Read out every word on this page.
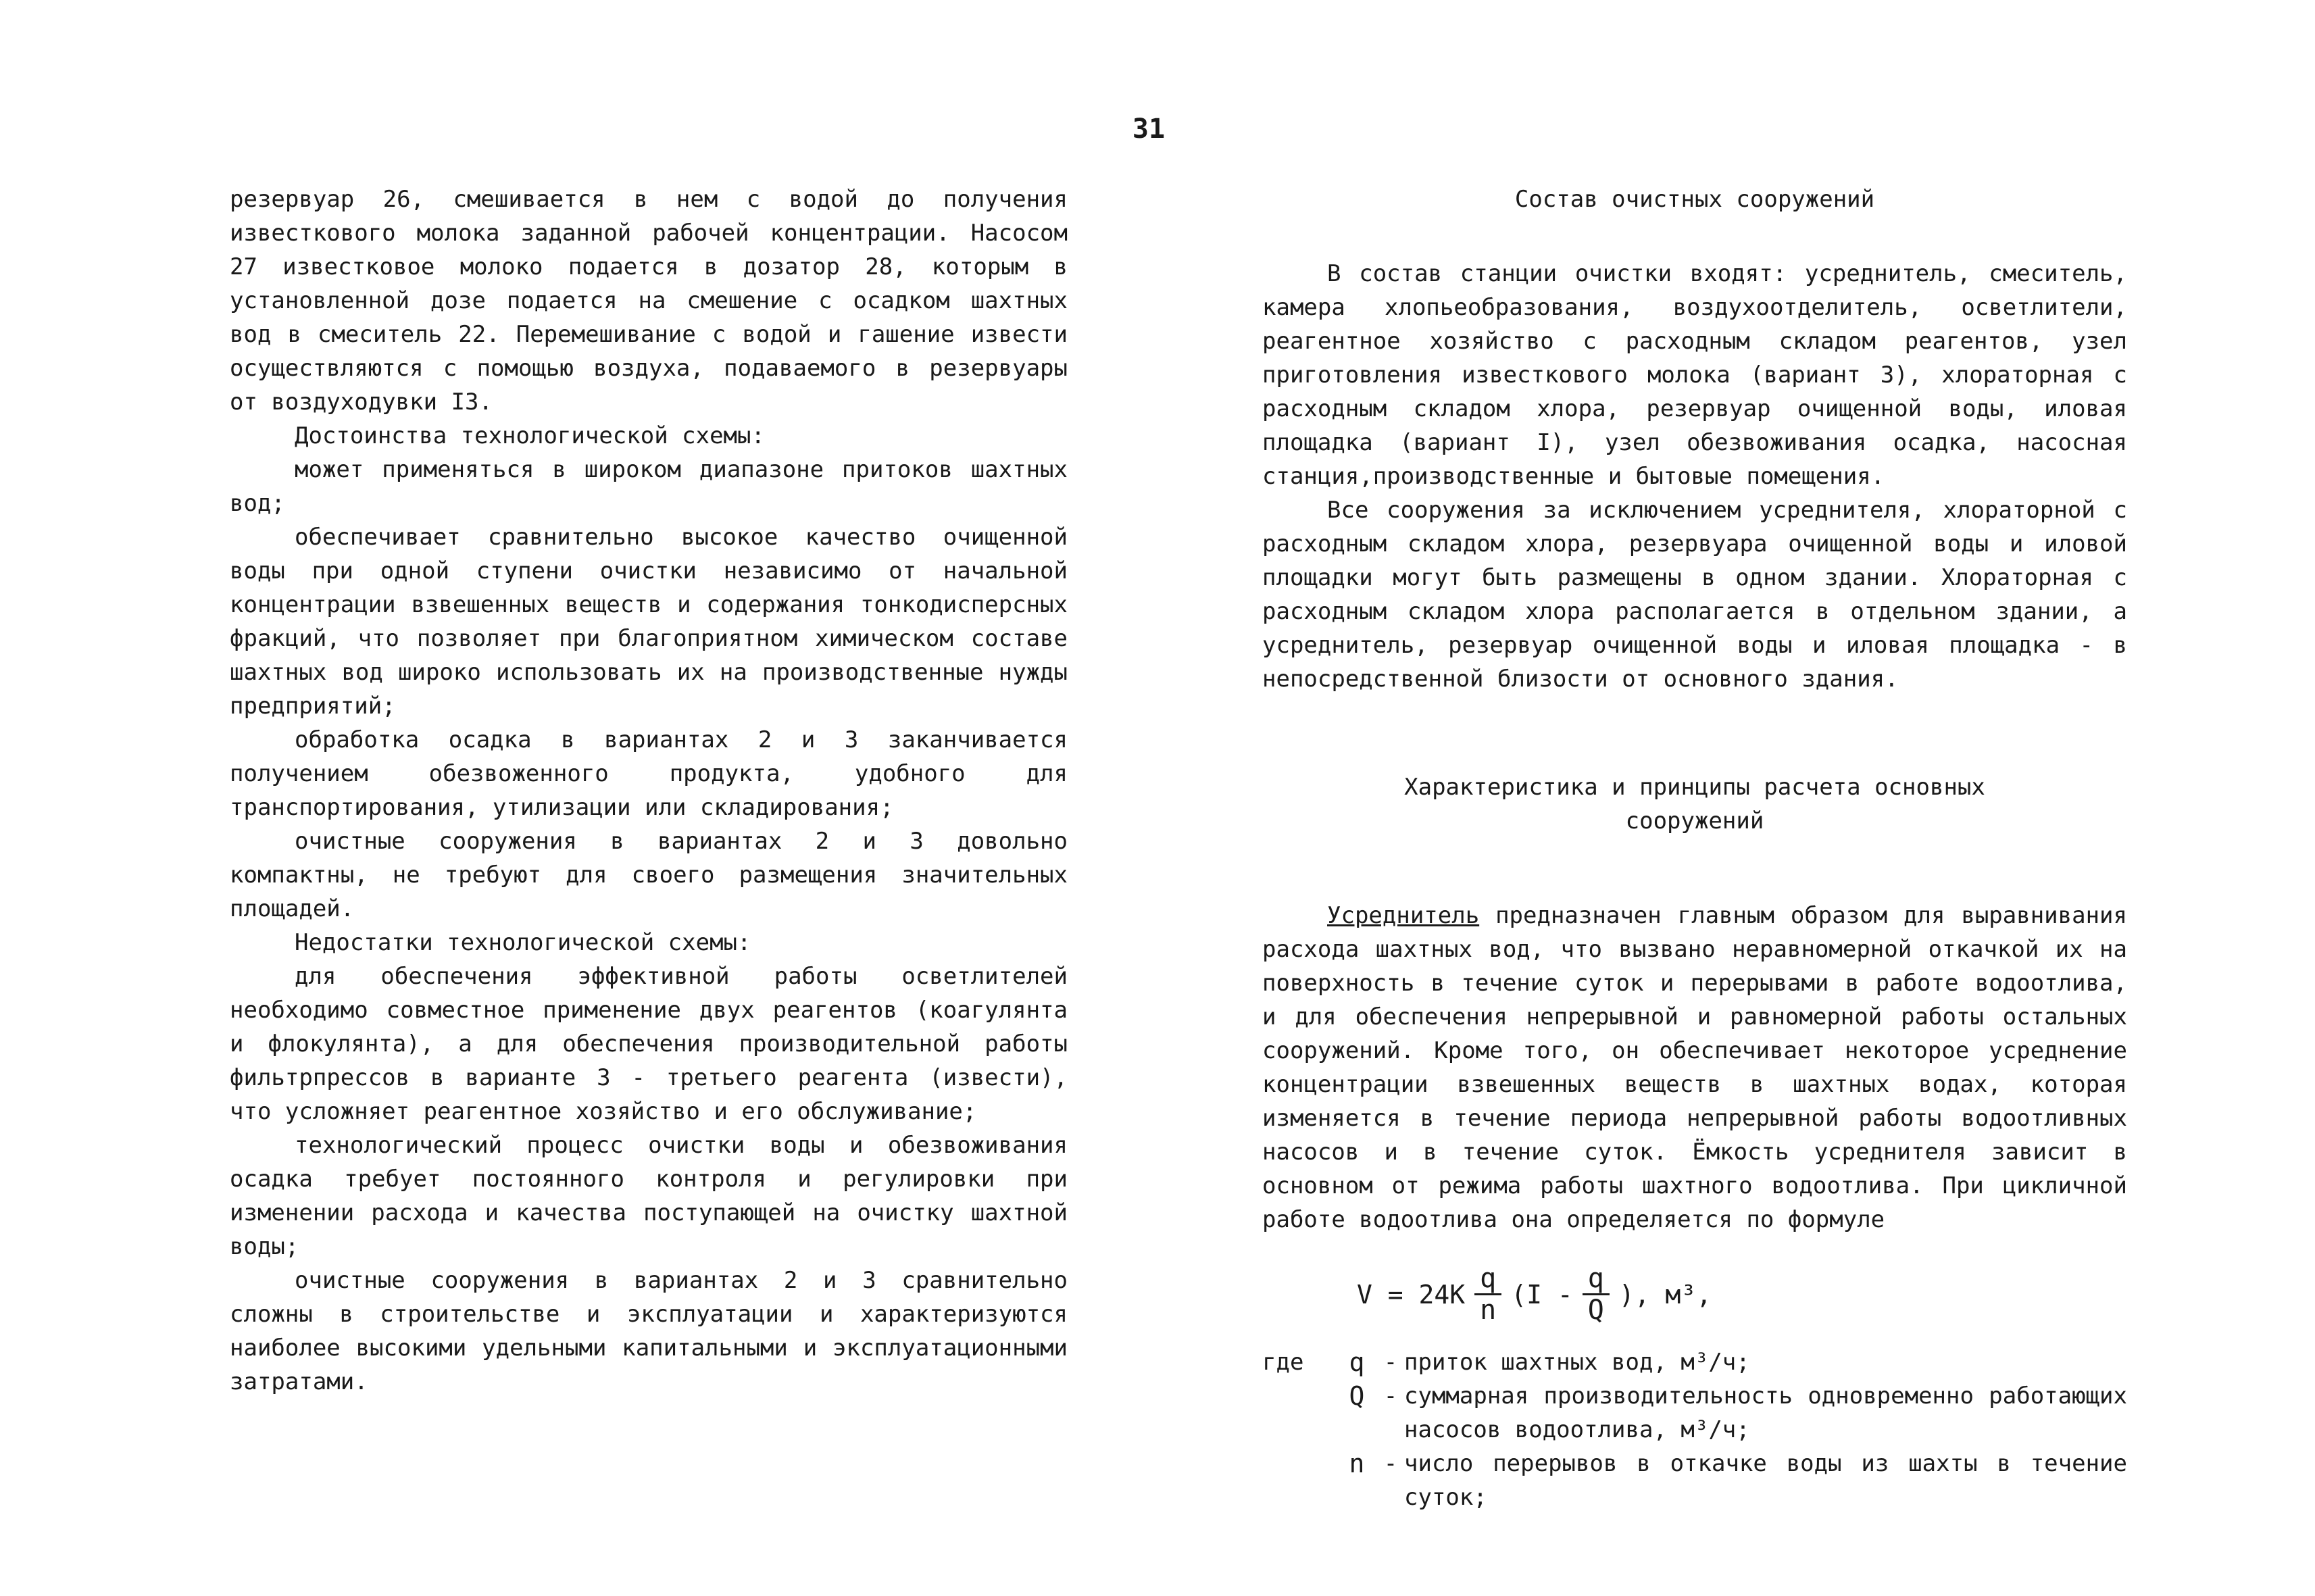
31

резервуар 26, смешивается в нем с водой до получения известкового молока заданной рабочей концентрации. Насосом 27 известковое молоко подается в дозатор 28, которым в установленной дозе подается на смешение с осадком шахтных вод в смеситель 22. Перемешивание с водой и гашение извести осуществляются с помощью воздуха, подаваемого в резервуары от воздуходувки I3.

Достоинства технологической схемы:

может применяться в широком диапазоне притоков шахтных вод;

обеспечивает сравнительно высокое качество очищенной воды при одной ступени очистки независимо от начальной концентрации взвешенных веществ и содержания тонкодисперсных фракций, что позволяет при благоприятном химическом составе шахтных вод широко использовать их на производственные нужды предприятий;

обработка осадка в вариантах 2 и 3 заканчивается получением обезвоженного продукта, удобного для транспортирования, утилизации или складирования;

очистные сооружения в вариантах 2 и 3 довольно компактны, не требуют для своего размещения значительных площадей.

Недостатки технологической схемы:

для обеспечения эффективной работы осветлителей необходимо совместное применение двух реагентов (коагулянта и флокулянта), а для обеспечения производительной работы фильтрпрессов в варианте 3 - третьего реагента (извести), что усложняет реагентное хозяйство и его обслуживание;

технологический процесс очистки воды и обезвоживания осадка требует постоянного контроля и регулировки при изменении расхода и качества поступающей на очистку шахтной воды;

очистные сооружения в вариантах 2 и 3 сравнительно сложны в строительстве и эксплуатации и характеризуются наиболее высокими удельными капитальными и эксплуатационными затратами.

Состав очистных сооружений

В состав станции очистки входят: усреднитель, смеситель, камера хлопьеобразования, воздухоотделитель, осветлители, реагентное хозяйство с расходным складом реагентов, узел приготовления известкового молока (вариант 3), хлораторная с расходным складом хлора, резервуар очищенной воды, иловая площадка (вариант I), узел обезвоживания осадка, насосная станция,производственные и бытовые помещения.

Все сооружения за исключением усреднителя, хлораторной с расходным складом хлора, резервуара очищенной воды и иловой площадки могут быть размещены в одном здании. Хлораторная с расходным складом хлора располагается в отдельном здании, а усреднитель, резервуар очищенной воды и иловая площадка - в непосредственной близости от основного здания.

Характеристика и принципы расчета основных

сооружений

Усреднитель предназначен главным образом для выравнивания расхода шахтных вод, что вызвано неравномерной откачкой их на поверхность в течение суток и перерывами в работе водоотлива, и для обеспечения непрерывной и равномерной работы остальных сооружений. Кроме того, он обеспечивает некоторое усреднение концентрации взвешенных веществ в шахтных водах, которая изменяется в течение периода непрерывной работы водоотливных насосов и в течение суток. Ёмкость усреднителя зависит в основном от режима работы шахтного водоотлива. При цикличной работе водоотлива она определяется по формуле

$V = 24K \frac{q}{n} (I - \frac{q}{Q}$ ), м³,
где	q - приток шахтных вод, м³/ч;
Q - суммарная производительность одновременно работающих насосов водоотлива, м³/ч;
n - число перерывов в откачке воды из шахты в течение суток;
